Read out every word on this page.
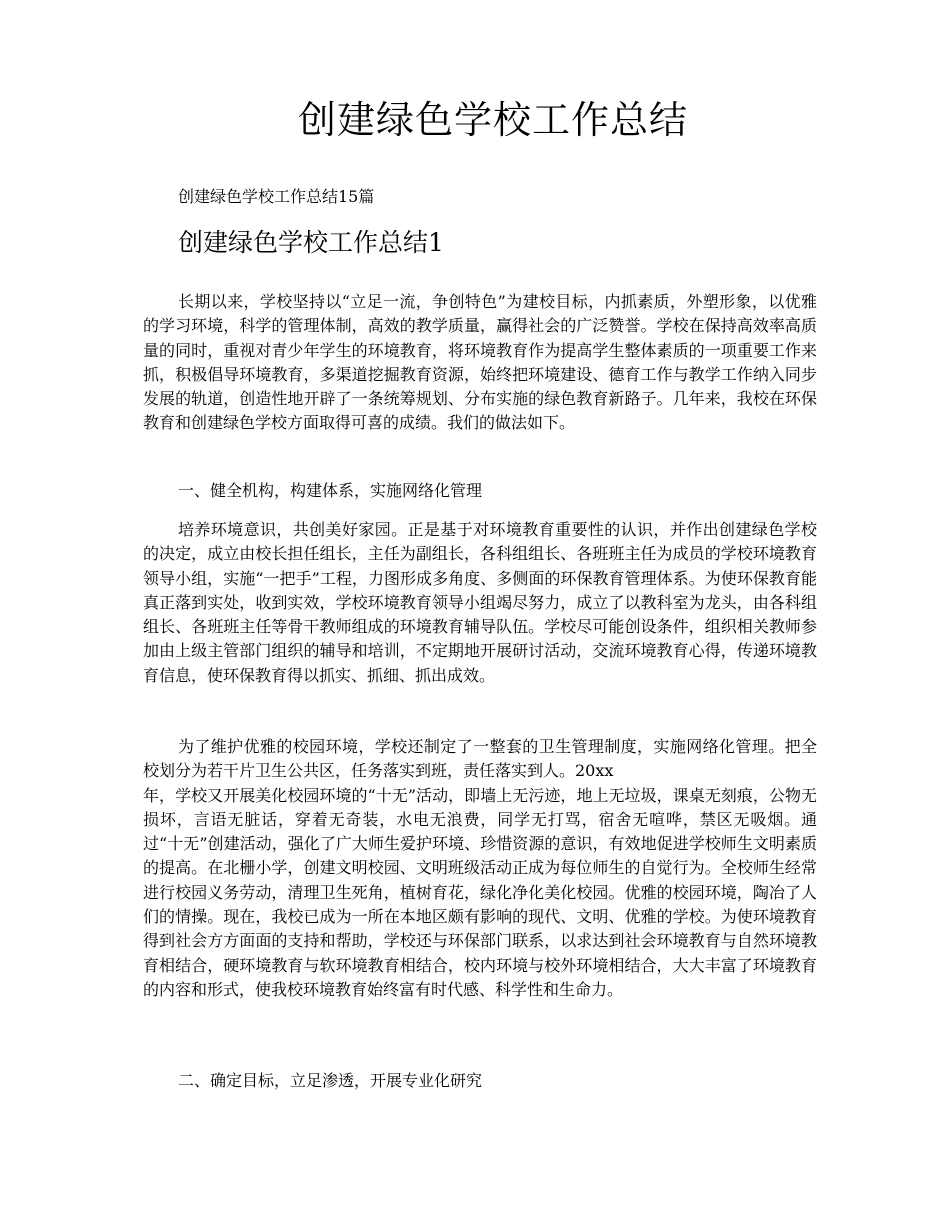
创建绿色学校工作总结
创建绿色学校工作总结15篇
创建绿色学校工作总结1

长期以来，学校坚持以“立足一流，争创特色”为建校目标，内抓素质，外塑形象，以优雅的学习环境，科学的管理体制，高效的教学质量，赢得社会的广泛赞誉。学校在保持高效率高质量的同时，重视对青少年学生的环境教育，将环境教育作为提高学生整体素质的一项重要工作来抓，积极倡导环境教育，多渠道挖掘教育资源，始终把环境建设、德育工作与教学工作纳入同步发展的轨道，创造性地开辟了一条统筹规划、分布实施的绿色教育新路子。几年来，我校在环保教育和创建绿色学校方面取得可喜的成绩。我们的做法如下。

一、健全机构，构建体系，实施网络化管理

培养环境意识，共创美好家园。正是基于对环境教育重要性的认识，并作出创建绿色学校的决定，成立由校长担任组长，主任为副组长，各科组组长、各班班主任为成员的学校环境教育领导小组，实施“一把手”工程，力图形成多角度、多侧面的环保教育管理体系。为使环保教育能真正落到实处，收到实效，学校环境教育领导小组竭尽努力，成立了以教科室为龙头，由各科组组长、各班班主任等骨干教师组成的环境教育辅导队伍。学校尽可能创设条件，组织相关教师参加由上级主管部门组织的辅导和培训，不定期地开展研讨活动，交流环境教育心得，传递环境教育信息，使环保教育得以抓实、抓细、抓出成效。

为了维护优雅的校园环境，学校还制定了一整套的卫生管理制度，实施网络化管理。把全校划分为若干片卫生公共区，任务落实到班，责任落实到人。20xx

年，学校又开展美化校园环境的“十无”活动，即墙上无污迹，地上无垃圾，课桌无刻痕，公物无损坏，言语无脏话，穿着无奇装，水电无浪费，同学无打骂，宿舍无喧哗，禁区无吸烟。通过“十无”创建活动，强化了广大师生爱护环境、珍惜资源的意识，有效地促进学校师生文明素质的提高。在北栅小学，创建文明校园、文明班级活动正成为每位师生的自觉行为。全校师生经常进行校园义务劳动，清理卫生死角，植树育花，绿化净化美化校园。优雅的校园环境，陶冶了人们的情操。现在，我校已成为一所在本地区颇有影响的现代、文明、优雅的学校。为使环境教育得到社会方方面面的支持和帮助，学校还与环保部门联系，以求达到社会环境教育与自然环境教育相结合，硬环境教育与软环境教育相结合，校内环境与校外环境相结合，大大丰富了环境教育的内容和形式，使我校环境教育始终富有时代感、科学性和生命力。

二、确定目标，立足渗透，开展专业化研究
